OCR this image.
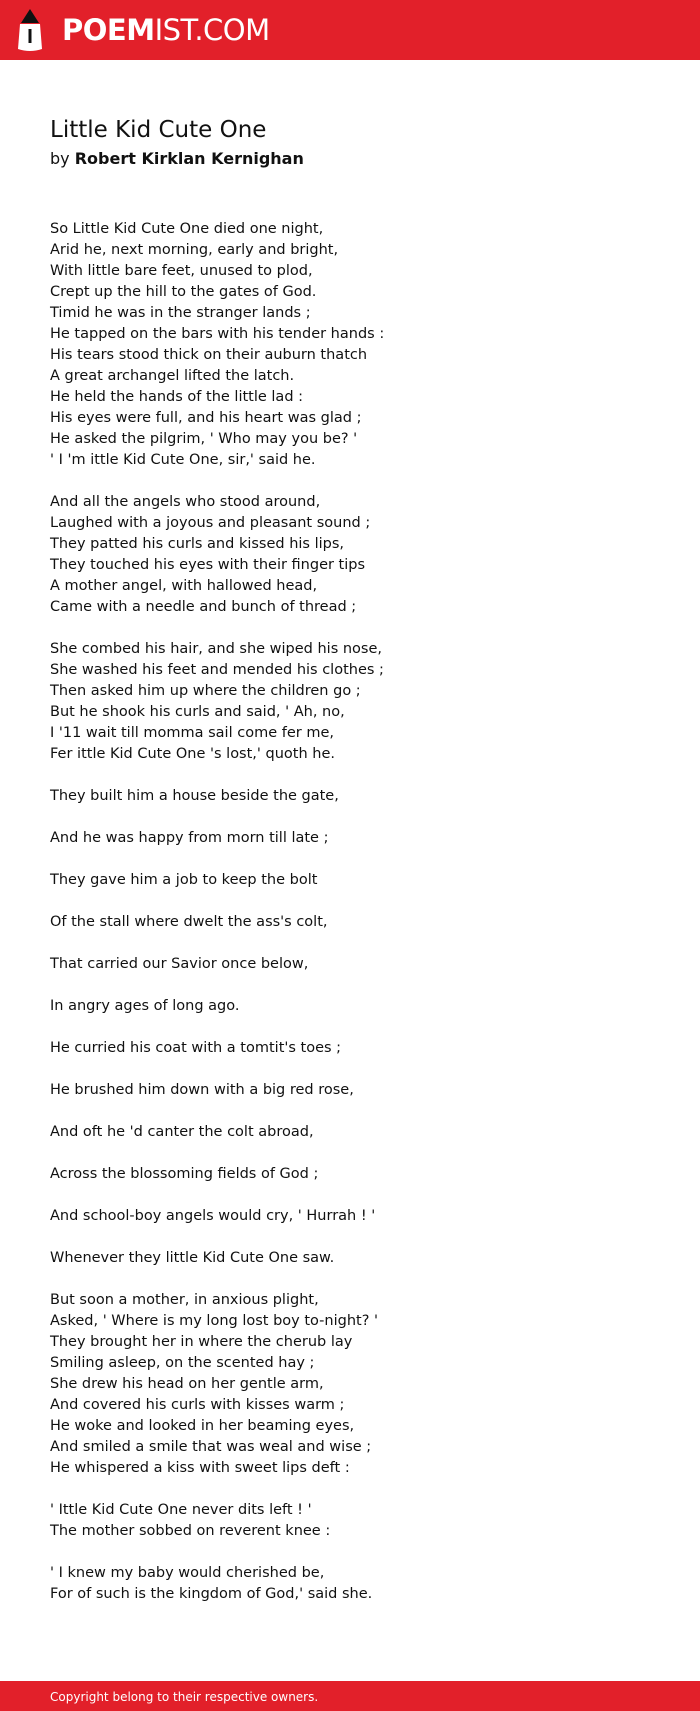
POEMIST.COM
Little Kid Cute One
by Robert Kirklan Kernighan
So Little Kid Cute One died one night,
Arid he, next morning, early and bright,
With little bare feet, unused to plod,
Crept up the hill to the gates of God.
Timid he was in the stranger lands ;
He tapped on the bars with his tender hands :
His tears stood thick on their auburn thatch
A great archangel lifted the latch.
He held the hands of the little lad :
His eyes were full, and his heart was glad ;
He asked the pilgrim, ' Who may you be? '
' I 'm ittle Kid Cute One, sir,' said he.
And all the angels who stood around,
Laughed with a joyous and pleasant sound ;
They patted his curls and kissed his lips,
They touched his eyes with their finger tips
A mother angel, with hallowed head,
Came with a needle and bunch of thread ;
She combed his hair, and she wiped his nose,
She washed his feet and mended his clothes ;
Then asked him up where the children go ;
But he shook his curls and said, ' Ah, no,
I '11 wait till momma sail come fer me,
Fer ittle Kid Cute One 's lost,' quoth he.
They built him a house beside the gate,
And he was happy from morn till late ;
They gave him a job to keep the bolt
Of the stall where dwelt the ass's colt,
That carried our Savior once below,
In angry ages of long ago.
He curried his coat with a tomtit's toes ;
He brushed him down with a big red rose,
And oft he 'd canter the colt abroad,
Across the blossoming fields of God ;
And school-boy angels would cry, ' Hurrah ! '
Whenever they little Kid Cute One saw.
But soon a mother, in anxious plight,
Asked, ' Where is my long lost boy to-night? '
They brought her in where the cherub lay
Smiling asleep, on the scented hay ;
She drew his head on her gentle arm,
And covered his curls with kisses warm ;
He woke and looked in her beaming eyes,
And smiled a smile that was weal and wise ;
He whispered a kiss with sweet lips deft :
' Ittle Kid Cute One never dits left ! '
The mother sobbed on reverent knee :
' I knew my baby would cherished be,
For of such is the kingdom of God,' said she.
Copyright belong to their respective owners.
